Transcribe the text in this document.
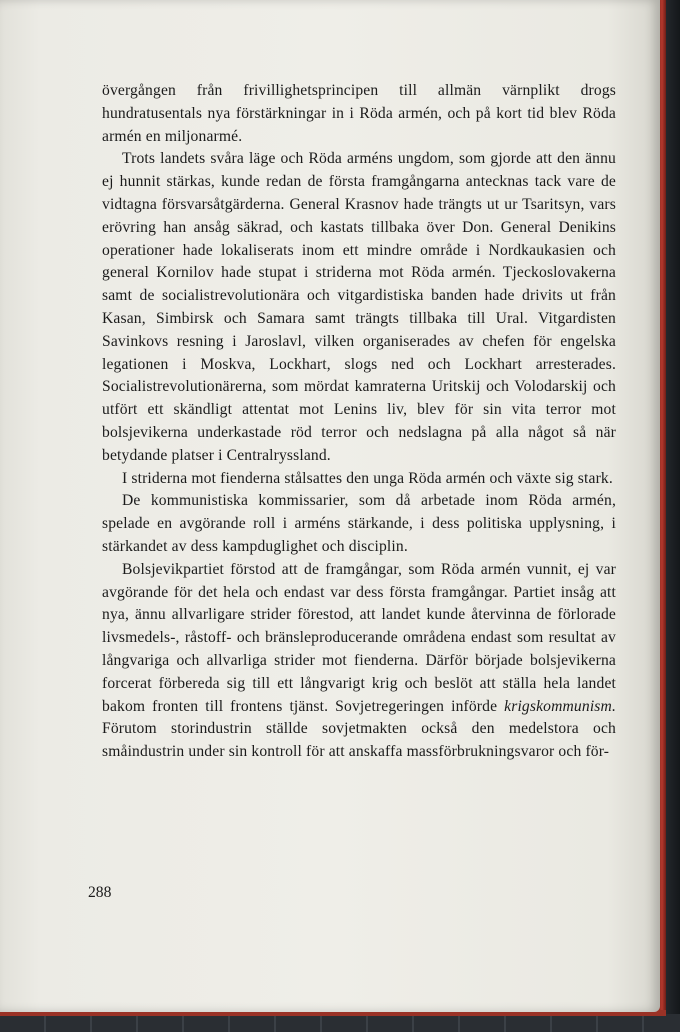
övergången från frivillighetsprincipen till allmän värnplikt drogs hundratusentals nya förstärkningar in i Röda armén, och på kort tid blev Röda armén en miljonarmé.

Trots landets svåra läge och Röda arméns ungdom, som gjorde att den ännu ej hunnit stärkas, kunde redan de första framgångarna antecknas tack vare de vidtagna försvarsåtgärderna. General Krasnov hade trängts ut ur Tsaritsyn, vars erövring han ansåg säkrad, och kastats tillbaka över Don. General Denikins operationer hade lokaliserats inom ett mindre område i Nordkaukasien och general Kornilov hade stupat i striderna mot Röda armén. Tjeckoslovakerna samt de socialistrevolutionära och vitgardistiska banden hade drivits ut från Kasan, Simbirsk och Samara samt trängts tillbaka till Ural. Vitgardisten Savinkovs resning i Jaroslavl, vilken organiserades av chefen för engelska legationen i Moskva, Lockhart, slogs ned och Lockhart arresterades. Socialistrevolutionärerna, som mördat kamraterna Uritskij och Volodarskij och utfört ett skändligt attentat mot Lenins liv, blev för sin vita terror mot bolsjevikerna underkastade röd terror och nedslagna på alla något så när betydande platser i Centralryssland.

I striderna mot fienderna stålsattes den unga Röda armén och växte sig stark.

De kommunistiska kommissarier, som då arbetade inom Röda armén, spelade en avgörande roll i arméns stärkande, i dess politiska upplysning, i stärkandet av dess kampduglighet och disciplin.

Bolsjevikpartiet förstod att de framgångar, som Röda armén vunnit, ej var avgörande för det hela och endast var dess första framgångar. Partiet insåg att nya, ännu allvarligare strider förestod, att landet kunde återvinna de förlorade livsmedels-, råstoff- och bränsleproducerande områdena endast som resultat av långvariga och allvarliga strider mot fienderna. Därför började bolsjevikerna forcerat förbereda sig till ett långvarigt krig och beslöt att ställa hela landet bakom fronten till frontens tjänst. Sovjetregeringen införde krigskommunism. Förutom storindustrin ställde sovjetmakten också den medelstora och småindustrin under sin kontroll för att anskaffa massförbrukningsvaror och för-

288
